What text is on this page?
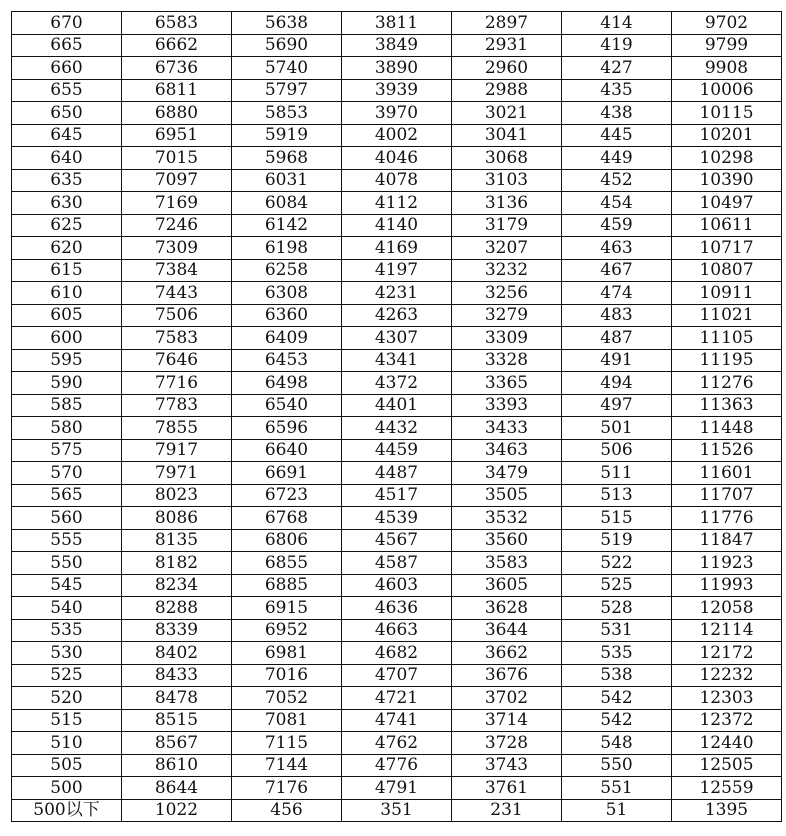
670	6583	5638	3811	2897	414	9702
665	6662	5690	3849	2931	419	9799
660	6736	5740	3890	2960	427	9908
655	6811	5797	3939	2988	435	10006
650	6880	5853	3970	3021	438	10115
645	6951	5919	4002	3041	445	10201
640	7015	5968	4046	3068	449	10298
635	7097	6031	4078	3103	452	10390
630	7169	6084	4112	3136	454	10497
625	7246	6142	4140	3179	459	10611
620	7309	6198	4169	3207	463	10717
615	7384	6258	4197	3232	467	10807
610	7443	6308	4231	3256	474	10911
605	7506	6360	4263	3279	483	11021
600	7583	6409	4307	3309	487	11105
595	7646	6453	4341	3328	491	11195
590	7716	6498	4372	3365	494	11276
585	7783	6540	4401	3393	497	11363
580	7855	6596	4432	3433	501	11448
575	7917	6640	4459	3463	506	11526
570	7971	6691	4487	3479	511	11601
565	8023	6723	4517	3505	513	11707
560	8086	6768	4539	3532	515	11776
555	8135	6806	4567	3560	519	11847
550	8182	6855	4587	3583	522	11923
545	8234	6885	4603	3605	525	11993
540	8288	6915	4636	3628	528	12058
535	8339	6952	4663	3644	531	12114
530	8402	6981	4682	3662	535	12172
525	8433	7016	4707	3676	538	12232
520	8478	7052	4721	3702	542	12303
515	8515	7081	4741	3714	542	12372
510	8567	7115	4762	3728	548	12440
505	8610	7144	4776	3743	550	12505
500	8644	7176	4791	3761	551	12559
500以下	1022	456	351	231	51	1395
